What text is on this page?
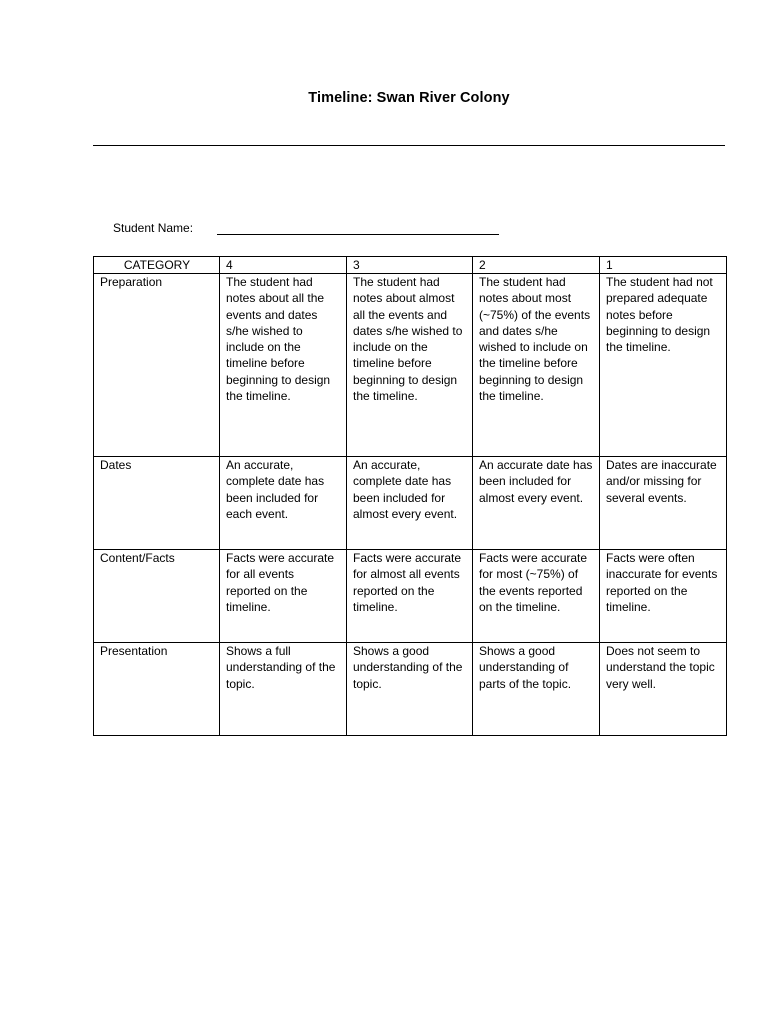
Timeline: Swan River Colony
Student Name:
CATEGORY	4	3	2	1
Preparation	The student had notes about all the events and dates s/he wished to include on the timeline before beginning to design the timeline.	The student had notes about almost all the events and dates s/he wished to include on the timeline before beginning to design the timeline.	The student had notes about most (~75%) of the events and dates s/he wished to include on the timeline before beginning to design the timeline.	The student had not prepared adequate notes before beginning to design the timeline.
Dates	An accurate, complete date has been included for each event.	An accurate, complete date has been included for almost every event.	An accurate date has been included for almost every event.	Dates are inaccurate and/or missing for several events.
Content/Facts	Facts were accurate for all events reported on the timeline.	Facts were accurate for almost all events reported on the timeline.	Facts were accurate for most (~75%) of the events reported on the timeline.	Facts were often inaccurate for events reported on the timeline.
Presentation	Shows a full understanding of the topic.	Shows a good understanding of the topic.	Shows a good understanding of parts of the topic.	Does not seem to understand the topic very well.
